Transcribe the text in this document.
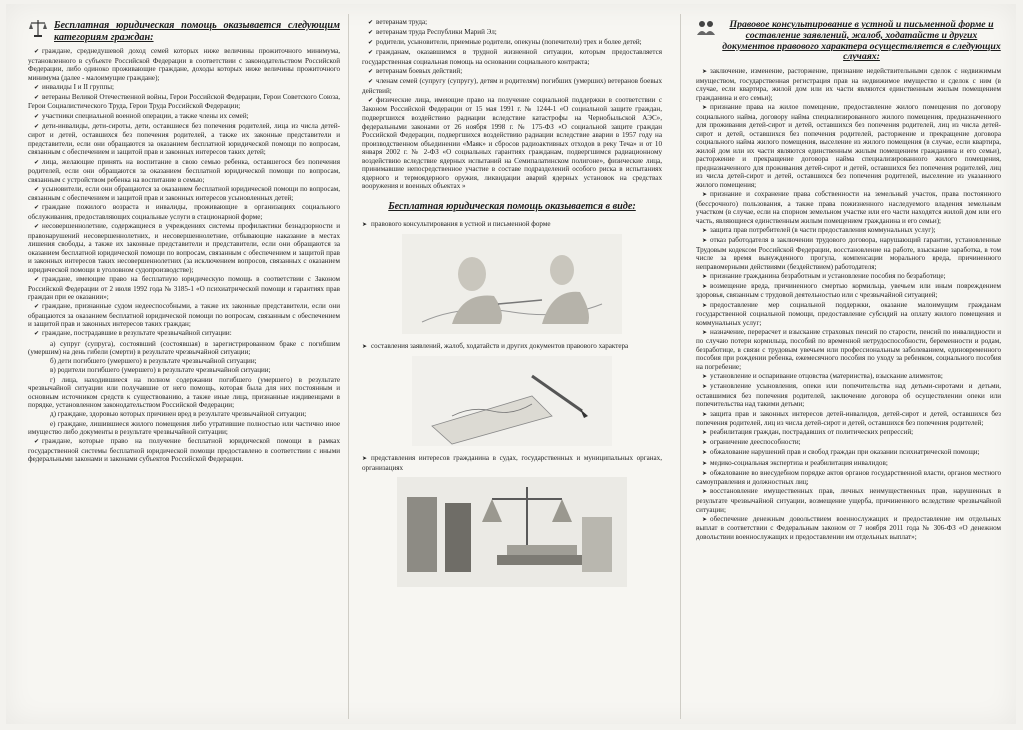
Бесплатная юридическая помощь оказывается следующим категориям граждан:
✔ граждане, среднедушевой доход семей которых ниже величины прожиточного минимума, установленного в субъекте Российской Федерации в соответствии с законодательством Российской Федерации, либо одиноко проживающие граждане, доходы которых ниже величины прожиточного минимума (далее - малоимущие граждане);
✔ инвалиды I и II группы;
✔ ветераны Великой Отечественной войны, Герои Российской Федерации, Герои Советского Союза, Герои Социалистического Труда, Герои Труда Российской Федерации;
✔ участники специальной военной операции, а также члены их семей;
✔ дети-инвалиды, дети-сироты, дети, оставшиеся без попечения родителей, лица из числа детей-сирот и детей, оставшихся без попечения родителей, а также их законные представители и представители, если они обращаются за оказанием бесплатной юридической помощи по вопросам, связанным с обеспечением и защитой прав и законных интересов таких детей;
✔ лица, желающие принять на воспитание в свою семью ребенка, оставшегося без попечения родителей, если они обращаются за оказанием бесплатной юридической помощи по вопросам, связанным с устройством ребенка на воспитание в семью;
✔ усыновители, если они обращаются за оказанием бесплатной юридической помощи по вопросам, связанным с обеспечением и защитой прав и законных интересов усыновленных детей;
✔ граждане пожилого возраста и инвалиды, проживающие в организациях социального обслуживания, предоставляющих социальные услуги в стационарной форме;
✔ несовершеннолетние, содержащиеся в учреждениях системы профилактики безнадзорности и правонарушений несовершеннолетних, и несовершеннолетние, отбывающие наказание в местах лишения свободы, а также их законные представители и представители, если они обращаются за оказанием бесплатной юридической помощи по вопросам, связанным с обеспечением и защитой прав и законных интересов таких несовершеннолетних (за исключением вопросов, связанных с оказанием юридической помощи в уголовном судопроизводстве);
✔ граждане, имеющие право на бесплатную юридическую помощь в соответствии с Законом Российской Федерации от 2 июля 1992 года № 3185-1 «О психиатрической помощи и гарантиях прав граждан при ее оказании»;
✔ граждане, признанные судом недееспособными, а также их законные представители, если они обращаются за оказанием бесплатной юридической помощи по вопросам, связанным с обеспечением и защитой прав и законных интересов таких граждан;
✔ граждане, пострадавшие в результате чрезвычайной ситуации:
а) супруг (супруга), состоявший (состоявшая) в зарегистрированном браке с погибшим (умершим) на день гибели (смерти) в результате чрезвычайной ситуации;
б) дети погибшего (умершего) в результате чрезвычайной ситуации;
в) родители погибшего (умершего) в результате чрезвычайной ситуации;
г) лица, находившиеся на полном содержании погибшего (умершего) в результате чрезвычайной ситуации или получавшие от него помощь, которая была для них постоянным и основным источником средств к существованию, а также иные лица, признанные иждивенцами в порядке, установленном законодательством Российской Федерации;
д) граждане, здоровью которых причинен вред в результате чрезвычайной ситуации;
е) граждане, лишившиеся жилого помещения либо утратившие полностью или частично иное имущество либо документы в результате чрезвычайной ситуации;
✔ граждане, которые право на получение бесплатной юридической помощи в рамках государственной системы бесплатной юридической помощи предоставлено в соответствии с иными федеральными законами и законами субъектов Российской Федерации.
✔ ветеранам труда;
✔ ветеранам труда Республики Марий Эл;
✔ родители, усыновители, приемные родители, опекуны (попечители) трех и более детей;
✔ гражданам, оказавшимся в трудной жизненной ситуации, которым предоставляется государственная социальная помощь на основании социального контракта;
✔ ветеранам боевых действий;
✔ членам семей (супругу (супругу), детям и родителям) погибших (умерших) ветеранов боевых действий;
✔ физические лица, имеющие право на получение социальной поддержки в соответствии с Законом Российской Федерации от 15 мая 1991 г. № 1244-1 «О социальной защите граждан, подвергшихся воздействию радиации вследствие катастрофы на Чернобыльской АЭС», федеральными законами от 26 ноября 1998 г. № 175-ФЗ «О социальной защите граждан Российской Федерации, подвергшихся воздействию радиации вследствие аварии в 1957 году на производственном объединении «Маяк» и сбросов радиоактивных отходов в реку Теча» и от 10 января 2002 г. № 2-ФЗ «О социальных гарантиях гражданам, подвергшимся радиационному воздействию вследствие ядерных испытаний на Семипалатинском полигоне», физические лица, принимавшие непосредственное участие в составе подразделений особого риска в испытаниях ядерного и термоядерного оружия, ликвидации аварий ядерных установок на средствах вооружения и военных объектах »
Бесплатная юридическая помощь оказывается в виде:
➤ правового консультирования в устной и письменной форме
➤ составления заявлений, жалоб, ходатайств и других документов правового характера
➤ представления интересов гражданина в судах, государственных и муниципальных органах, организациях
Правовое консультирование в устной и письменной форме и составление заявлений, жалоб, ходатайств и других документов правового характера осуществляется в следующих случаях:
➤ заключение, изменение, расторжение, признание недействительными сделок с недвижимым имуществом, государственная регистрация прав на недвижимое имущество и сделок с ним (в случае, если квартира, жилой дом или их части являются единственным жилым помещением гражданина и его семьи);
➤ признание права на жилое помещение, предоставление жилого помещения по договору социального найма, договору найма специализированного жилого помещения, предназначенного для проживания детей-сирот и детей, оставшихся без попечения родителей, лиц из числа детей-сирот и детей, оставшихся без попечения родителей, расторжение и прекращение договора социального найма жилого помещения, выселение из жилого помещения (в случае, если квартира, жилой дом или их части являются единственным жилым помещением гражданина и его семьи), расторжение и прекращение договора найма специализированного жилого помещения, предназначенного для проживания детей-сирот и детей, оставшихся без попечения родителей, лиц из числа детей-сирот и детей, оставшихся без попечения родителей, выселение из указанного жилого помещения;
➤ признание и сохранение права собственности на земельный участок, права постоянного (бессрочного) пользования, а также права пожизненного наследуемого владения земельным участком (в случае, если на спорном земельном участке или его части находятся жилой дом или его часть, являющиеся единственным жилым помещением гражданина и его семьи);
➤ защита прав потребителей (в части предоставления коммунальных услуг);
➤ отказ работодателя в заключении трудового договора, нарушающий гарантии, установленные Трудовым кодексом Российской Федерации, восстановление на работе, взыскание заработка, в том числе за время вынужденного прогула, компенсации морального вреда, причиненного неправомерными действиями (бездействием) работодателя;
➤ признание гражданина безработным и установление пособия по безработице;
➤ возмещение вреда, причиненного смертью кормильца, увечьем или иным повреждением здоровья, связанным с трудовой деятельностью или с чрезвычайной ситуацией;
➤ предоставление мер социальной поддержки, оказание малоимущим гражданам государственной социальной помощи, предоставление субсидий на оплату жилого помещения и коммунальных услуг;
➤ назначение, перерасчет и взыскание страховых пенсий по старости, пенсий по инвалидности и по случаю потери кормильца, пособий по временной нетрудоспособности, беременности и родам, безработице, в связи с трудовым увечьем или профессиональным заболеванием, единовременного пособия при рождении ребенка, ежемесячного пособия по уходу за ребенком, социального пособия на погребение;
➤ установление и оспаривание отцовства (материнства), взыскание алиментов;
➤ установление усыновления, опеки или попечительства над детьми-сиротами и детьми, оставшимися без попечения родителей, заключение договора об осуществлении опеки или попечительства над такими детьми;
➤ защита прав и законных интересов детей-инвалидов, детей-сирот и детей, оставшихся без попечения родителей, лиц из числа детей-сирот и детей, оставшихся без попечения родителей;
➤ реабилитация граждан, пострадавших от политических репрессий;
➤ ограничение дееспособности;
➤ обжалование нарушений прав и свобод граждан при оказании психиатрической помощи;
➤ медико-социальная экспертиза и реабилитация инвалидов;
➤ обжалование во внесудебном порядке актов органов государственной власти, органов местного самоуправления и должностных лиц;
➤ восстановление имущественных прав, личных неимущественных прав, нарушенных в результате чрезвычайной ситуации, возмещение ущерба, причиненного вследствие чрезвычайной ситуации;
➤ обеспечение денежным довольствием военнослужащих и предоставление им отдельных выплат в соответствии с Федеральным законом от 7 ноября 2011 года № 306-ФЗ «О денежном довольствии военнослужащих и предоставлении им отдельных выплат»;
